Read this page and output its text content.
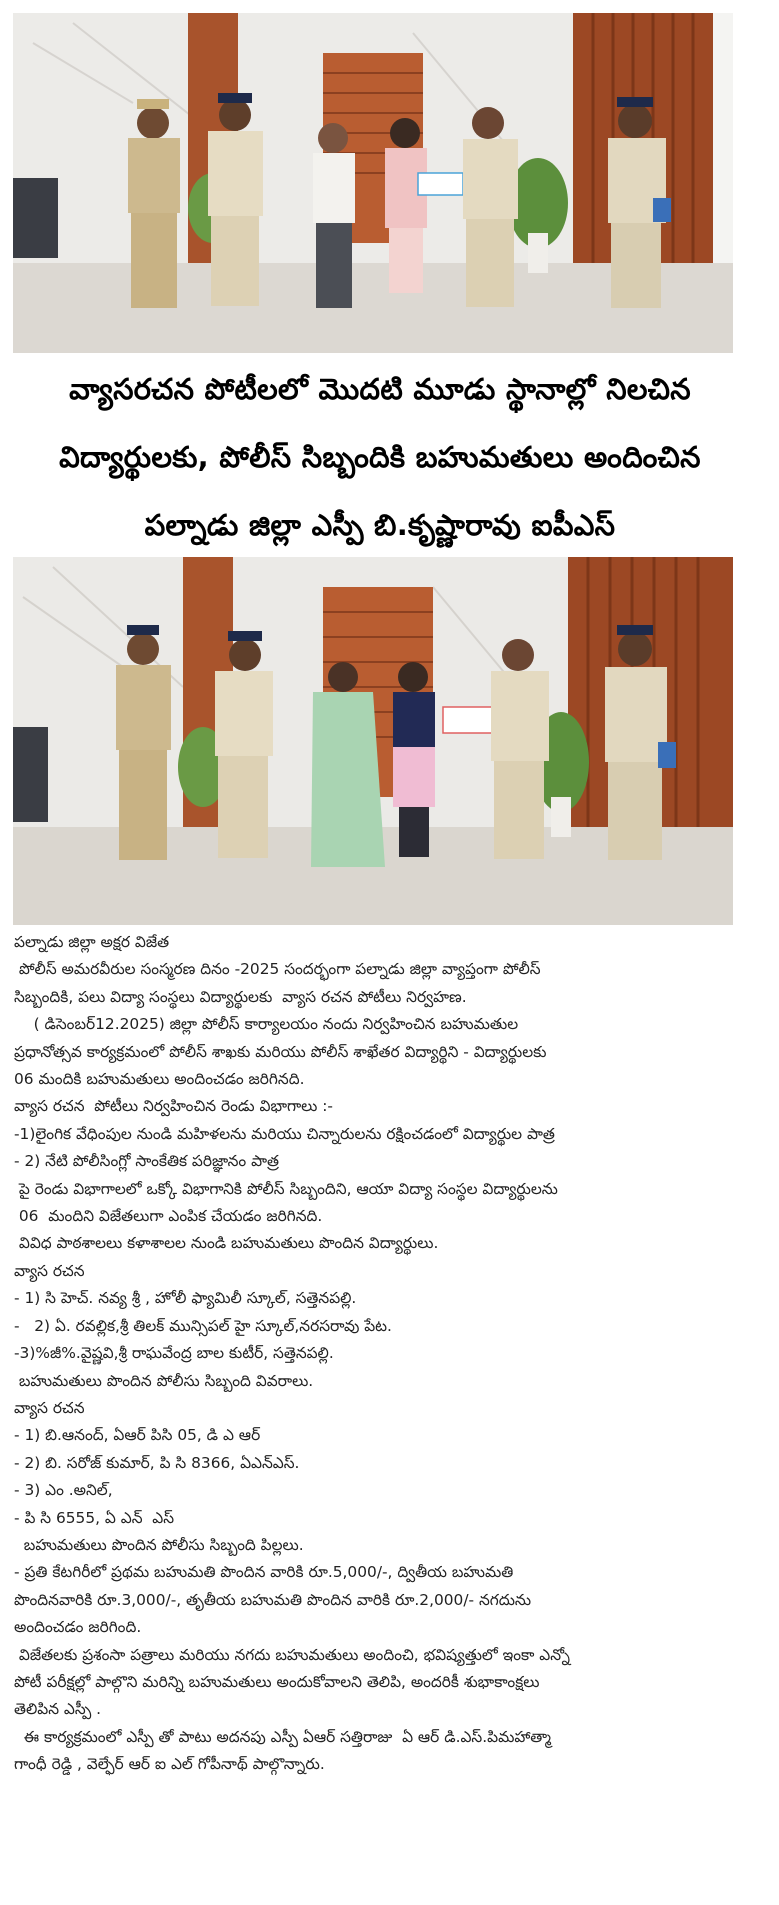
వ్యాసరచన పోటీలలో మొదటి మూడు స్థానాల్లో నిలచిన
విద్యార్థులకు, పోలీస్ సిబ్బందికి బహుమతులు అందించిన
పల్నాడు జిల్లా ఎస్పీ బి.కృష్ణారావు ఐపీఎస్

పల్నాడు జిల్లా అక్షర విజేత

పోలీస్ అమరవీరుల సంస్మరణ దినం -2025 సందర్భంగా పల్నాడు జిల్లా వ్యాప్తంగా పోలీస్

సిబ్బందికి, పలు విద్యా సంస్థలు విద్యార్థులకు  వ్యాస రచన పోటీలు నిర్వహణ.

( డిసెంబర్12.2025) జిల్లా పోలీస్ కార్యాలయం నందు నిర్వహించిన బహుమతుల

ప్రధానోత్సవ కార్యక్రమంలో పోలీస్ శాఖకు మరియు పోలీస్ శాఖేతర విద్యార్థిని - విద్యార్థులకు

06 మందికి బహుమతులు అందించడం జరిగినది.

వ్యాస రచన  పోటీలు నిర్వహించిన రెండు విభాగాలు :-

-1)లైంగిక వేధింపుల నుండి మహిళలను మరియు చిన్నారులను రక్షించడంలో విద్యార్థుల పాత్ర

- 2) నేటి పోలీసింగ్లో సాంకేతిక పరిజ్ఞానం పాత్ర

పై రెండు విభాగాలలో ఒక్కో విభాగానికి పోలీస్ సిబ్బందిని, ఆయా విద్యా సంస్థల విద్యార్థులను

06  మందిని విజేతలుగా ఎంపిక చేయడం జరిగినది.

వివిధ పాఠశాలలు కళాశాలల నుండి బహుమతులు పొందిన విద్యార్థులు.

వ్యాస రచన

- 1) సి హెచ్. నవ్య శ్రీ , హోలీ ఫ్యామిలీ స్కూల్, సత్తెనపల్లి.

-   2) ఏ. రవల్లిక,శ్రీ తిలక్ మున్సిపల్ హై స్కూల్,నరసరావు పేట.

-3)%జీ%.వైష్ణవి,శ్రీ రాఘవేంద్ర బాల కుటీర్, సత్తెనపల్లి.

బహుమతులు పొందిన పోలీసు సిబ్బంది వివరాలు.

వ్యాస రచన

- 1) బి.ఆనంద్, ఏఆర్ పిసి 05, డి ఎ ఆర్

- 2) బి. సరోజ్ కుమార్, పి సి 8366, ఏఎన్ఎస్.

- 3) ఎం .అనిల్,

- పి సి 6555, ఏ ఎన్  ఎస్

బహుమతులు పొందిన పోలీసు సిబ్బంది పిల్లలు.

- ప్రతి కేటగిరీలో ప్రథమ బహుమతి పొందిన వారికి రూ.5,000/-, ద్వితీయ బహుమతి

పొందినవారికి రూ.3,000/-, తృతీయ బహుమతి పొందిన వారికి రూ.2,000/- నగదును

అందించడం జరిగింది.

విజేతలకు ప్రశంసా పత్రాలు మరియు నగదు బహుమతులు అందించి, భవిష్యత్తులో ఇంకా ఎన్నో

పోటీ పరీక్షల్లో పాల్గొని మరిన్ని బహుమతులు అందుకోవాలని తెలిపి, అందరికీ శుభాకాంక్షలు

తెలిపిన ఎస్పీ .

ఈ కార్యక్రమంలో ఎస్పీ తో పాటు అదనపు ఎస్పీ ఏఆర్ సత్తిరాజు  ఏ ఆర్ డి.ఎస్.పిమహాత్మా

గాంధీ రెడ్డి , వెల్ఫేర్ ఆర్ ఐ ఎల్ గోపీనాథ్ పాల్గొన్నారు.
